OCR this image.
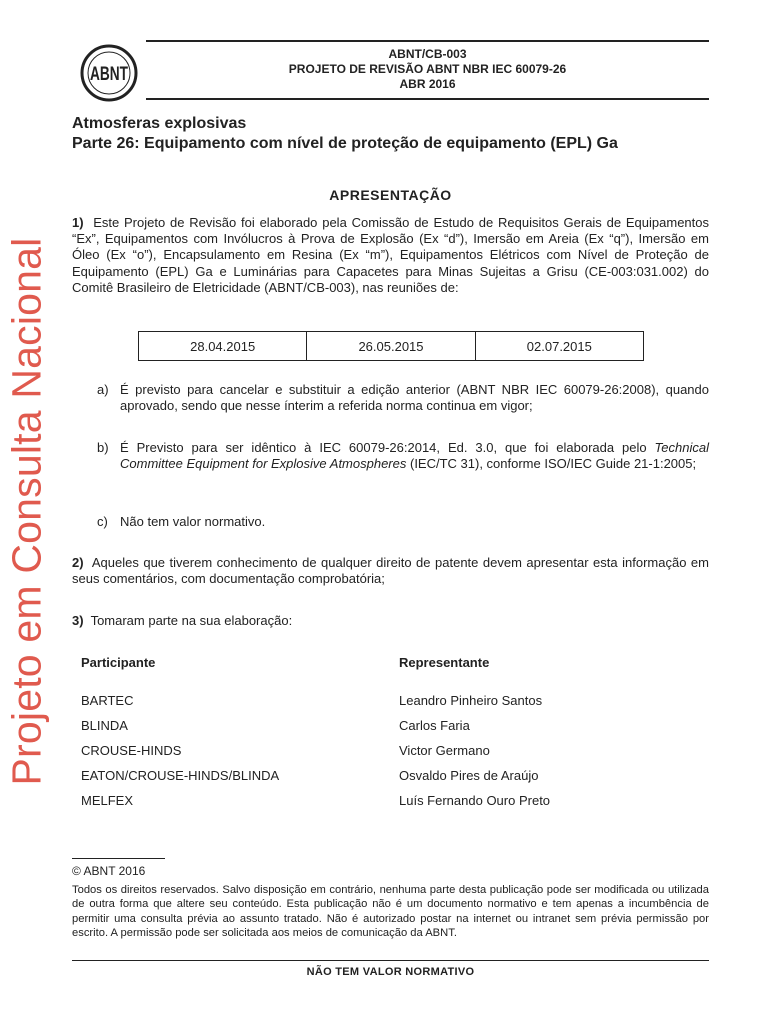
Projeto em Consulta Nacional
ABNT
ABNT/CB-003
PROJETO DE REVISÃO ABNT NBR IEC 60079-26
ABR 2016
Atmosferas explosivas
Parte 26: Equipamento com nível de proteção de equipamento (EPL) Ga
APRESENTAÇÃO
1) Este Projeto de Revisão foi elaborado pela Comissão de Estudo de Requisitos Gerais de Equipamentos “Ex”, Equipamentos com Invólucros à Prova de Explosão (Ex “d”), Imersão em Areia (Ex “q”), Imersão em Óleo (Ex “o”), Encapsulamento em Resina (Ex “m”), Equipamentos Elétricos com Nível de Proteção de Equipamento (EPL) Ga e Luminárias para Capacetes para Minas Sujeitas a Grisu (CE-003:031.002) do Comitê Brasileiro de Eletricidade (ABNT/CB-003), nas reuniões de:
28.04.2015	26.05.2015	02.07.2015
a) É previsto para cancelar e substituir a edição anterior (ABNT NBR IEC 60079-26:2008), quando aprovado, sendo que nesse ínterim a referida norma continua em vigor;
b) É Previsto para ser idêntico à IEC 60079-26:2014, Ed. 3.0, que foi elaborada pelo Technical Committee Equipment for Explosive Atmospheres (IEC/TC 31), conforme ISO/IEC Guide 21-1:2005;
c) Não tem valor normativo.
2) Aqueles que tiverem conhecimento de qualquer direito de patente devem apresentar esta informação em seus comentários, com documentação comprobatória;
3) Tomaram parte na sua elaboração:
Participante	Representante
BARTEC	Leandro Pinheiro Santos
BLINDA	Carlos Faria
CROUSE-HINDS	Victor Germano
EATON/CROUSE-HINDS/BLINDA	Osvaldo Pires de Araújo
MELFEX	Luís Fernando Ouro Preto
© ABNT 2016
Todos os direitos reservados. Salvo disposição em contrário, nenhuma parte desta publicação pode ser modificada ou utilizada de outra forma que altere seu conteúdo. Esta publicação não é um documento normativo e tem apenas a incumbência de permitir uma consulta prévia ao assunto tratado. Não é autorizado postar na internet ou intranet sem prévia permissão por escrito. A permissão pode ser solicitada aos meios de comunicação da ABNT.
NÃO TEM VALOR NORMATIVO
